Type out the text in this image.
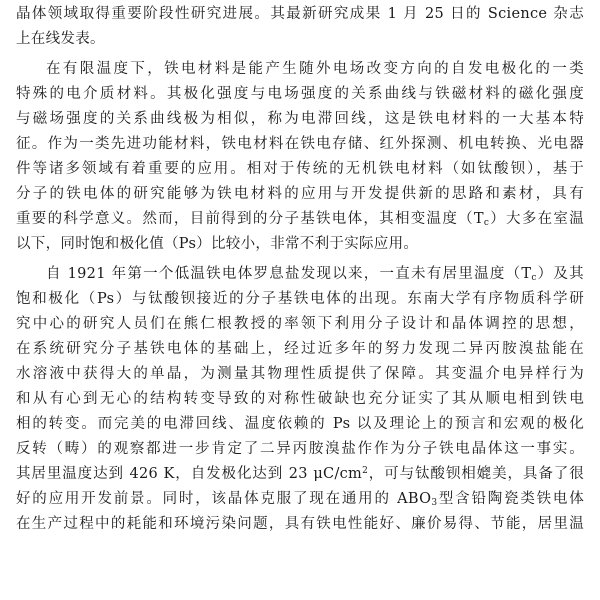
晶体领域取得重要阶段性研究进展。其最新研究成果 1 月 25 日的 Science 杂志
上在线发表。
在有限温度下，铁电材料是能产生随外电场改变方向的自发电极化的一类
特殊的电介质材料。其极化强度与电场强度的关系曲线与铁磁材料的磁化强度
与磁场强度的关系曲线极为相似，称为电滞回线，这是铁电材料的一大基本特
征。作为一类先进功能材料，铁电材料在铁电存储、红外探测、机电转换、光电器
件等诸多领域有着重要的应用。相对于传统的无机铁电材料（如钛酸钡），基于
分子的铁电体的研究能够为铁电材料的应用与开发提供新的思路和素材，具有
重要的科学意义。然而，目前得到的分子基铁电体，其相变温度$(T_c)$大多在室温
以下，同时饱和极化值（Ps）比较小，非常不利于实际应用。
自 1921 年第一个低温铁电体罗息盐发现以来，一直未有居里温度$(T_c)$及其
饱和极化（Ps）与钛酸钡接近的分子基铁电体的出现。东南大学有序物质科学研
究中心的研究人员们在熊仁根教授的率领下利用分子设计和晶体调控的思想，
在系统研究分子基铁电体的基础上，经过近多年的努力发现二异丙胺溴盐能在
水溶液中获得大的单晶，为测量其物理性质提供了保障。其变温介电异样行为
和从有心到无心的结构转变导致的对称性破缺也充分证实了其从顺电相到铁电
相的转变。而完美的电滞回线、温度依赖的 Ps 以及理论上的预言和宏观的极化
反转（畴）的观察都进一步肯定了二异丙胺溴盐作作为分子铁电晶体这一事实。
其居里温度达到 426 K，自发极化达到 23 $\mu C/cm^2$，可与钛酸钡相媲美，具备了很
好的应用开发前景。同时，该晶体克服了现在通用的 $ABO_3$型含铅陶瓷类铁电体
在生产过程中的耗能和环境污染问题，具有铁电性能好、廉价易得、节能，居里温
